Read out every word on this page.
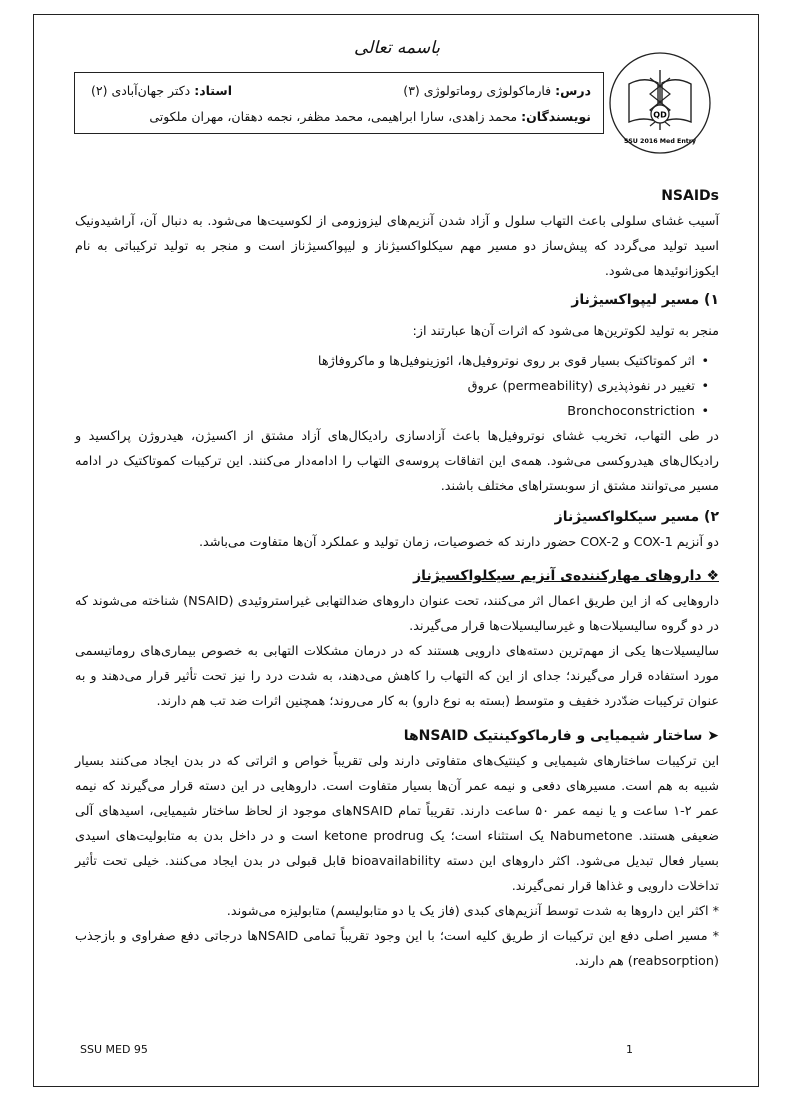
باسمه تعالی
درس: فارماکولوژی روماتولوژی (۳)
استاد: دکتر جهان‌آبادی (۲)
نویسندگان: محمد زاهدی، سارا ابراهیمی، محمد مظفر، نجمه دهقان، مهران ملکوتی	QD
SSU 2016 Med Entry

NSAIDs

آسیب غشای سلولی باعث التهاب سلول و آزاد شدن آنزیم‌های لیزوزومی از لکوسیت‌ها می‌شود. به دنبال آن، آراشیدونیک اسید تولید می‌گردد که پیش‌ساز دو مسیر مهم سیکلواکسیژناز و لیپواکسیژناز است و منجر به تولید ترکیباتی به نام ایکوزانوئیدها می‌شود.

۱) مسیر لیپواکسیژناز

منجر به تولید لکوترین‌ها می‌شود که اثرات آن‌ها عبارتند از:

• اثر کموتاکتیک بسیار قوی بر روی نوتروفیل‌ها، ائوزینوفیل‌ها و ماکروفاژها
• تغییر در نفوذپذیری (permeability) عروق
• Bronchoconstriction

در طی التهاب، تخریب غشای نوتروفیل‌ها باعث آزادسازی رادیکال‌های آزاد مشتق از اکسیژن، هیدروژن پراکسید و رادیکال‌های هیدروکسی می‌شود. همه‌ی این اتفاقات پروسه‌ی التهاب را ادامه‌دار می‌کنند. این ترکیبات کموتاکتیک در ادامه مسیر می‌توانند مشتق از سوبستراهای مختلف باشند.

۲) مسیر سیکلواکسیژناز

دو آنزیم COX-1 و COX-2 حضور دارند که خصوصیات، زمان تولید و عملکرد آن‌ها متفاوت می‌باشد.

❖ داروهای مهارکننده‌ی آنزیم سیکلواکسیژناز

داروهایی که از این طریق اعمال اثر می‌کنند، تحت عنوان داروهای ضدالتهابی غیراستروئیدی (NSAID) شناخته می‌شوند که در دو گروه سالیسیلات‌ها و غیرسالیسیلات‌ها قرار می‌گیرند.

سالیسیلات‌ها یکی از مهم‌ترین دسته‌های دارویی هستند که در درمان مشکلات التهابی به خصوص بیماری‌های روماتیسمی مورد استفاده قرار می‌گیرند؛ جدای از این که التهاب را کاهش می‌دهند، به شدت درد را نیز تحت تأثیر قرار می‌دهند و به عنوان ترکیبات ضدّدرد خفیف و متوسط (بسته به نوع دارو) به کار می‌روند؛ همچنین اثرات ضد تب هم دارند.

➤ ساختار شیمیایی و فارماکوکینتیک NSAIDها

این ترکیبات ساختارهای شیمیایی و کینتیک‌های متفاوتی دارند ولی تقریباً خواص و اثراتی که در بدن ایجاد می‌کنند بسیار شبیه به هم است. مسیرهای دفعی و نیمه عمر آن‌ها بسیار متفاوت است. داروهایی در این دسته قرار می‌گیرند که نیمه عمر ۲-۱ ساعت و یا نیمه عمر ۵۰ ساعت دارند. تقریباً تمام NSAIDهای موجود از لحاظ ساختار شیمیایی، اسیدهای آلی ضعیفی هستند. Nabumetone یک استثناء است؛ یک ketone prodrug است و در داخل بدن به متابولیت‌های اسیدی بسیار فعال تبدیل می‌شود. اکثر داروهای این دسته bioavailability قابل قبولی در بدن ایجاد می‌کنند. خیلی تحت تأثیر تداخلات دارویی و غذاها قرار نمی‌گیرند.

* اکثر این داروها به شدت توسط آنزیم‌های کبدی (فاز یک یا دو متابولیسم) متابولیزه می‌شوند.

* مسیر اصلی دفع این ترکیبات از طریق کلیه است؛ با این وجود تقریباً تمامی NSAIDها درجاتی دفع صفراوی و بازجذب (reabsorption) هم دارند.

SSU MED 95	1
